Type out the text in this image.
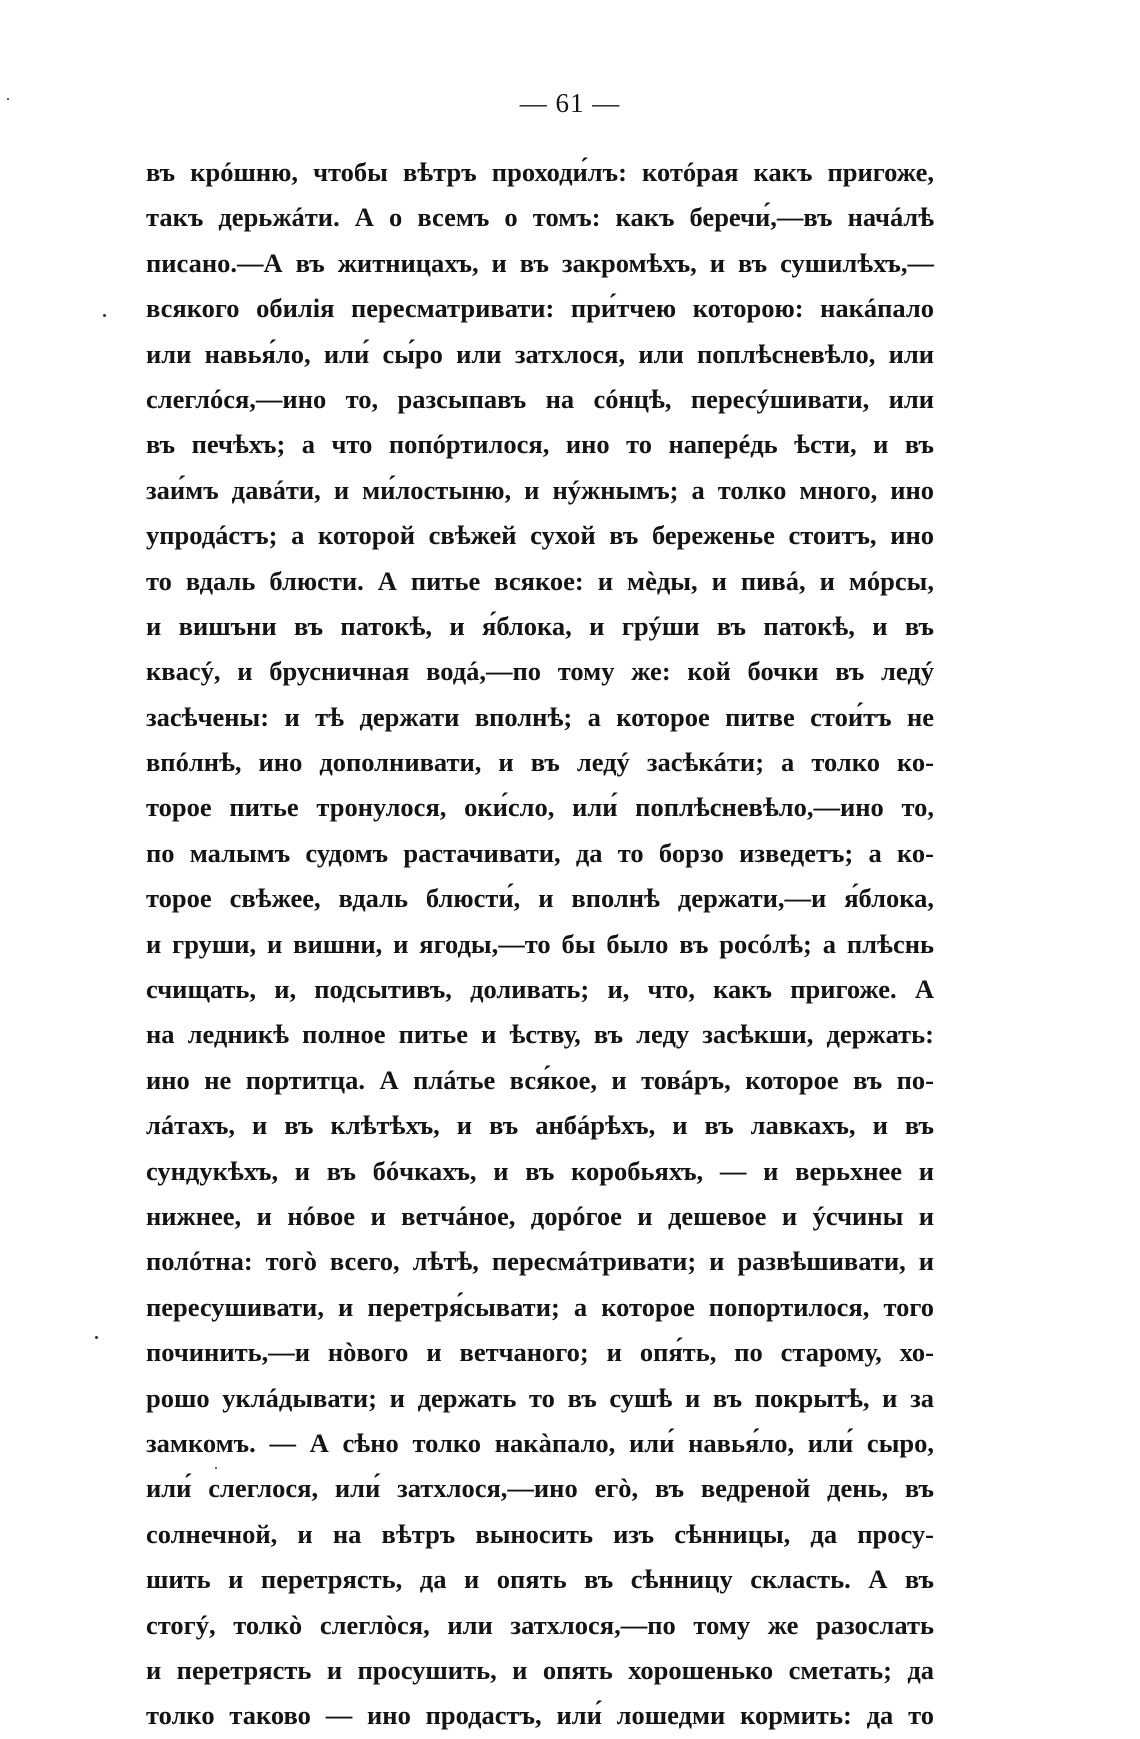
— 61 —
въ крóшню, чтобы вѣтръ проходи́лъ: котóрая какъ пригоже,
такъ дерьжáти. А о всемъ о томъ: какъ беречи́,—въ начáлѣ
писано.—А въ житницахъ, и въ закромѣхъ, и въ сушилѣхъ,—
всякого обилія пересматривати: при́тчею которою: накáпало
или навья́ло, или́ сы́ро или затхлося, или поплѣсневѣло, или
слеглóся,—ино то, разсыпавъ на сóнцѣ, пересýшивати, или
въ печѣхъ; а что попóртилося, ино то наперéдь ѣсти, и въ
заи́мъ давáти, и ми́лостыню, и нýжнымъ; а толко много, ино
упродáстъ; а которой свѣжей сухой въ береженье стоитъ, ино
то вдаль блюсти. А питье всякое: и мѐды, и пивá, и мóрсы,
и вишъни въ патокѣ, и я́блока, и грýши въ патокѣ, и въ
квасý, и брусничная водá,—по тому же: кой бочки въ ледý
засѣчены: и тѣ держати вполнѣ; а которое питве стои́тъ не
впóлнѣ, ино дополнивати, и въ ледý засѣкáти; а толко ко-
торое питье тронулося, оки́сло, или́ поплѣсневѣло,—ино то,
по малымъ судомъ растачивати, да то борзо изведетъ; а ко-
торое свѣжее, вдаль блюсти́, и вполнѣ держати,—и я́блока,
и груши, и вишни, и ягоды,—то бы было въ росóлѣ; а плѣснь
счищать, и, подсытивъ, доливать; и, что, какъ пригоже. А
на ледникѣ полное питье и ѣству, въ леду засѣкши, держать:
ино не портитца. А плáтье вся́кое, и товáръ, которое въ по-
лáтахъ, и въ клѣтѣхъ, и въ анбáрѣхъ, и въ лавкахъ, и въ
сундукѣхъ, и въ бóчкахъ, и въ коробьяхъ, — и верьхнее и
нижнее, и нóвое и ветчáное, дорóгое и дешевое и ýсчины и
полóтна: тогò всего, лѣтѣ, пересмáтривати; и развѣшивати, и
пересушивати, и перетря́сывати; а которое попортилося, того
починить,—и нòвого и ветчаного; и опя́ть, по старому, хо-
рошо уклáдывати; и держать то въ сушѣ и въ покрытѣ, и за
замкомъ. — А сѣно толко накàпало, или́ навья́ло, или́ сыро,
или́ слеглося, или́ затхлося,—ино егò, въ ведреной день, въ
солнечной, и на вѣтръ выносить изъ сѣнницы, да просу-
шить и перетрясть, да и опять въ сѣнницу скласть. А въ
стогý, толкò слеглòся, или затхлося,—по тому же разослать
и перетрясть и просушить, и опять хорошенько сметать; да
толко таково — ино продастъ, или́ лошедми кормить: да то
